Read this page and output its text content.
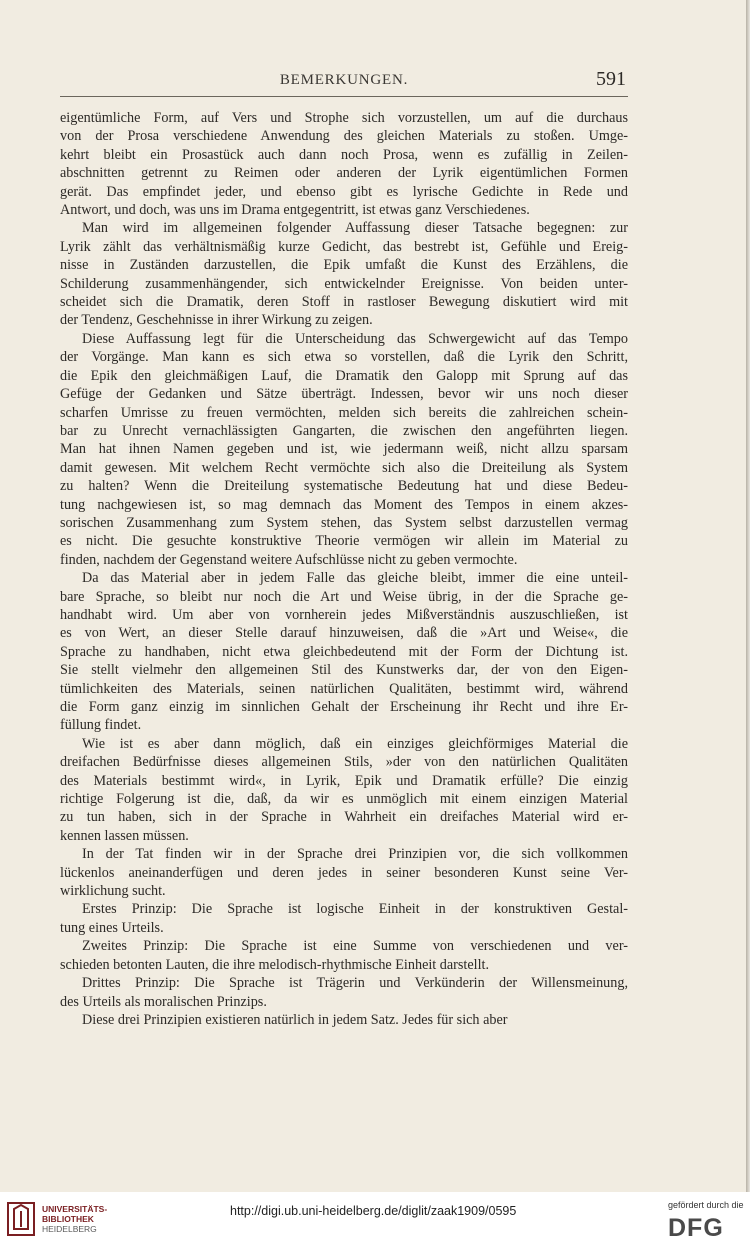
BEMERKUNGEN.	591
eigentümliche Form, auf Vers und Strophe sich vorzustellen, um auf die durchaus
von der Prosa verschiedene Anwendung des gleichen Materials zu stoßen. Umge-
kehrt bleibt ein Prosastück auch dann noch Prosa, wenn es zufällig in Zeilen-
abschnitten getrennt zu Reimen oder anderen der Lyrik eigentümlichen Formen
gerät. Das empfindet jeder, und ebenso gibt es lyrische Gedichte in Rede und
Antwort, und doch, was uns im Drama entgegentritt, ist etwas ganz Verschiedenes.
Man wird im allgemeinen folgender Auffassung dieser Tatsache begegnen: zur
Lyrik zählt das verhältnismäßig kurze Gedicht, das bestrebt ist, Gefühle und Ereig-
nisse in Zuständen darzustellen, die Epik umfaßt die Kunst des Erzählens, die
Schilderung zusammenhängender, sich entwickelnder Ereignisse. Von beiden unter-
scheidet sich die Dramatik, deren Stoff in rastloser Bewegung diskutiert wird mit
der Tendenz, Geschehnisse in ihrer Wirkung zu zeigen.
Diese Auffassung legt für die Unterscheidung das Schwergewicht auf das Tempo
der Vorgänge. Man kann es sich etwa so vorstellen, daß die Lyrik den Schritt,
die Epik den gleichmäßigen Lauf, die Dramatik den Galopp mit Sprung auf das
Gefüge der Gedanken und Sätze überträgt. Indessen, bevor wir uns noch dieser
scharfen Umrisse zu freuen vermöchten, melden sich bereits die zahlreichen schein-
bar zu Unrecht vernachlässigten Gangarten, die zwischen den angeführten liegen.
Man hat ihnen Namen gegeben und ist, wie jedermann weiß, nicht allzu sparsam
damit gewesen. Mit welchem Recht vermöchte sich also die Dreiteilung als System
zu halten? Wenn die Dreiteilung systematische Bedeutung hat und diese Bedeu-
tung nachgewiesen ist, so mag demnach das Moment des Tempos in einem akzes-
sorischen Zusammenhang zum System stehen, das System selbst darzustellen vermag
es nicht. Die gesuchte konstruktive Theorie vermögen wir allein im Material zu
finden, nachdem der Gegenstand weitere Aufschlüsse nicht zu geben vermochte.
Da das Material aber in jedem Falle das gleiche bleibt, immer die eine unteil-
bare Sprache, so bleibt nur noch die Art und Weise übrig, in der die Sprache ge-
handhabt wird. Um aber von vornherein jedes Mißverständnis auszuschließen, ist
es von Wert, an dieser Stelle darauf hinzuweisen, daß die »Art und Weise«, die
Sprache zu handhaben, nicht etwa gleichbedeutend mit der Form der Dichtung ist.
Sie stellt vielmehr den allgemeinen Stil des Kunstwerks dar, der von den Eigen-
tümlichkeiten des Materials, seinen natürlichen Qualitäten, bestimmt wird, während
die Form ganz einzig im sinnlichen Gehalt der Erscheinung ihr Recht und ihre Er-
füllung findet.
Wie ist es aber dann möglich, daß ein einziges gleichförmiges Material die
dreifachen Bedürfnisse dieses allgemeinen Stils, »der von den natürlichen Qualitäten
des Materials bestimmt wird«, in Lyrik, Epik und Dramatik erfülle? Die einzig
richtige Folgerung ist die, daß, da wir es unmöglich mit einem einzigen Material
zu tun haben, sich in der Sprache in Wahrheit ein dreifaches Material wird er-
kennen lassen müssen.
In der Tat finden wir in der Sprache drei Prinzipien vor, die sich vollkommen
lückenlos aneinanderfügen und deren jedes in seiner besonderen Kunst seine Ver-
wirklichung sucht.
Erstes Prinzip: Die Sprache ist logische Einheit in der konstruktiven Gestal-
tung eines Urteils.
Zweites Prinzip: Die Sprache ist eine Summe von verschiedenen und ver-
schieden betonten Lauten, die ihre melodisch-rhythmische Einheit darstellt.
Drittes Prinzip: Die Sprache ist Trägerin und Verkünderin der Willensmeinung,
des Urteils als moralischen Prinzips.
Diese drei Prinzipien existieren natürlich in jedem Satz. Jedes für sich aber
UNIVERSITÄTS-
BIBLIOTHEK
HEIDELBERG
http://digi.ub.uni-heidelberg.de/diglit/zaak1909/0595	gefördert durch die
DFG
